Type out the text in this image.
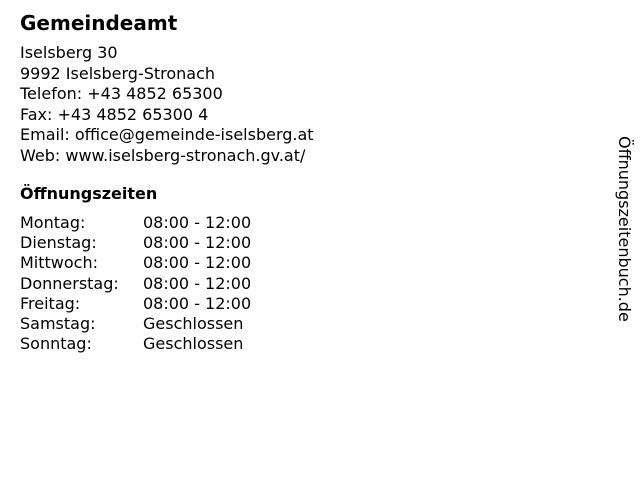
Gemeindeamt
Iselsberg 30
9992 Iselsberg-Stronach
Telefon: +43 4852 65300
Fax: +43 4852 65300 4
Email: office@gemeinde-iselsberg.at
Web: www.iselsberg-stronach.gv.at/
Öffnungszeiten
Montag:	08:00 - 12:00
Dienstag:	08:00 - 12:00
Mittwoch:	08:00 - 12:00
Donnerstag: 08:00 - 12:00
Freitag:	08:00 - 12:00
Samstag:	Geschlossen
Sonntag:	Geschlossen
Öffnungszeitenbuch.de
